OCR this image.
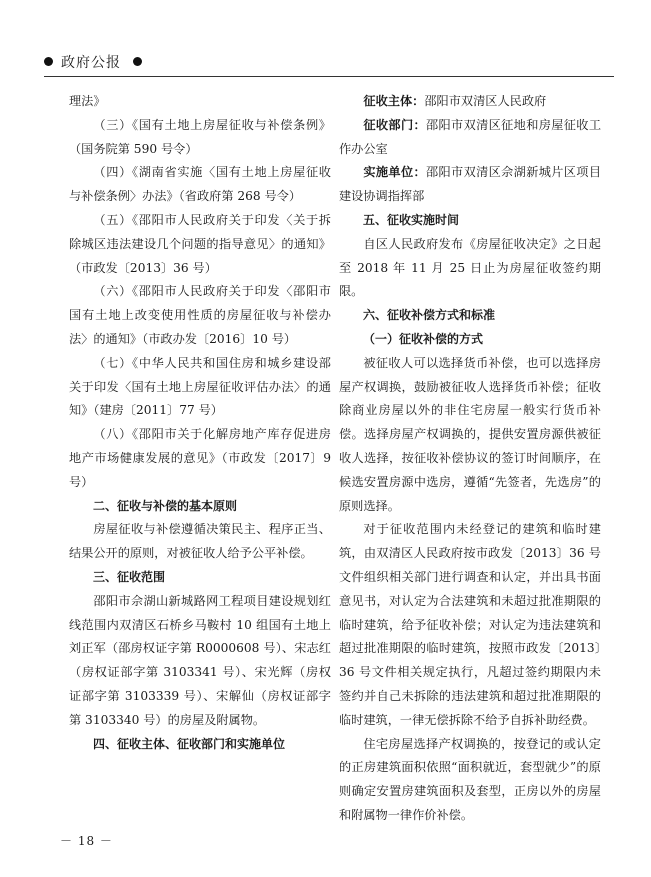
政府公报

理法》

（三）《国有土地上房屋征收与补偿条例》（国务院第 590 号令）

（四）《湖南省实施〈国有土地上房屋征收与补偿条例〉办法》（省政府第 268 号令）

（五）《邵阳市人民政府关于印发〈关于拆除城区违法建设几个问题的指导意见〉的通知》（市政发〔2013〕36 号）

（六）《邵阳市人民政府关于印发〈邵阳市国有土地上改变使用性质的房屋征收与补偿办法〉的通知》（市政办发〔2016〕10 号）

（七）《中华人民共和国住房和城乡建设部关于印发〈国有土地上房屋征收评估办法〉的通知》（建房〔2011〕77 号）

（八）《邵阳市关于化解房地产库存促进房地产市场健康发展的意见》（市政发〔2017〕9 号）

二、征收与补偿的基本原则

房屋征收与补偿遵循决策民主、程序正当、结果公开的原则，对被征收人给予公平补偿。

三、征收范围

邵阳市佘湖山新城路网工程项目建设规划红线范围内双清区石桥乡马鞍村 10 组国有土地上刘正军（邵房权证字第 R0000608 号）、宋志红（房权证部字第 3103341 号）、宋光辉（房权证部字第 3103339 号）、宋解仙（房权证部字第 3103340 号）的房屋及附属物。

四、征收主体、征收部门和实施单位

征收主体：邵阳市双清区人民政府

征收部门：邵阳市双清区征地和房屋征收工作办公室

实施单位：邵阳市双清区佘湖新城片区项目建设协调指挥部

五、征收实施时间

自区人民政府发布《房屋征收决定》之日起至 2018 年 11 月 25 日止为房屋征收签约期限。

六、征收补偿方式和标准

（一）征收补偿的方式

被征收人可以选择货币补偿，也可以选择房屋产权调换，鼓励被征收人选择货币补偿；征收除商业房屋以外的非住宅房屋一般实行货币补偿。选择房屋产权调换的，提供安置房源供被征收人选择，按征收补偿协议的签订时间顺序，在候选安置房源中选房，遵循“先签者，先选房”的原则选择。

对于征收范围内未经登记的建筑和临时建筑，由双清区人民政府按市政发〔2013〕36 号文件组织相关部门进行调查和认定，并出具书面意见书，对认定为合法建筑和未超过批准期限的临时建筑，给予征收补偿；对认定为违法建筑和超过批准期限的临时建筑，按照市政发〔2013〕36 号文件相关规定执行，凡超过签约期限内未签约并自己未拆除的违法建筑和超过批准期限的临时建筑，一律无偿拆除不给予自拆补助经费。

住宅房屋选择产权调换的，按登记的或认定的正房建筑面积依照“面积就近，套型就少”的原则确定安置房建筑面积及套型，正房以外的房屋和附属物一律作价补偿。

－ 18 －
